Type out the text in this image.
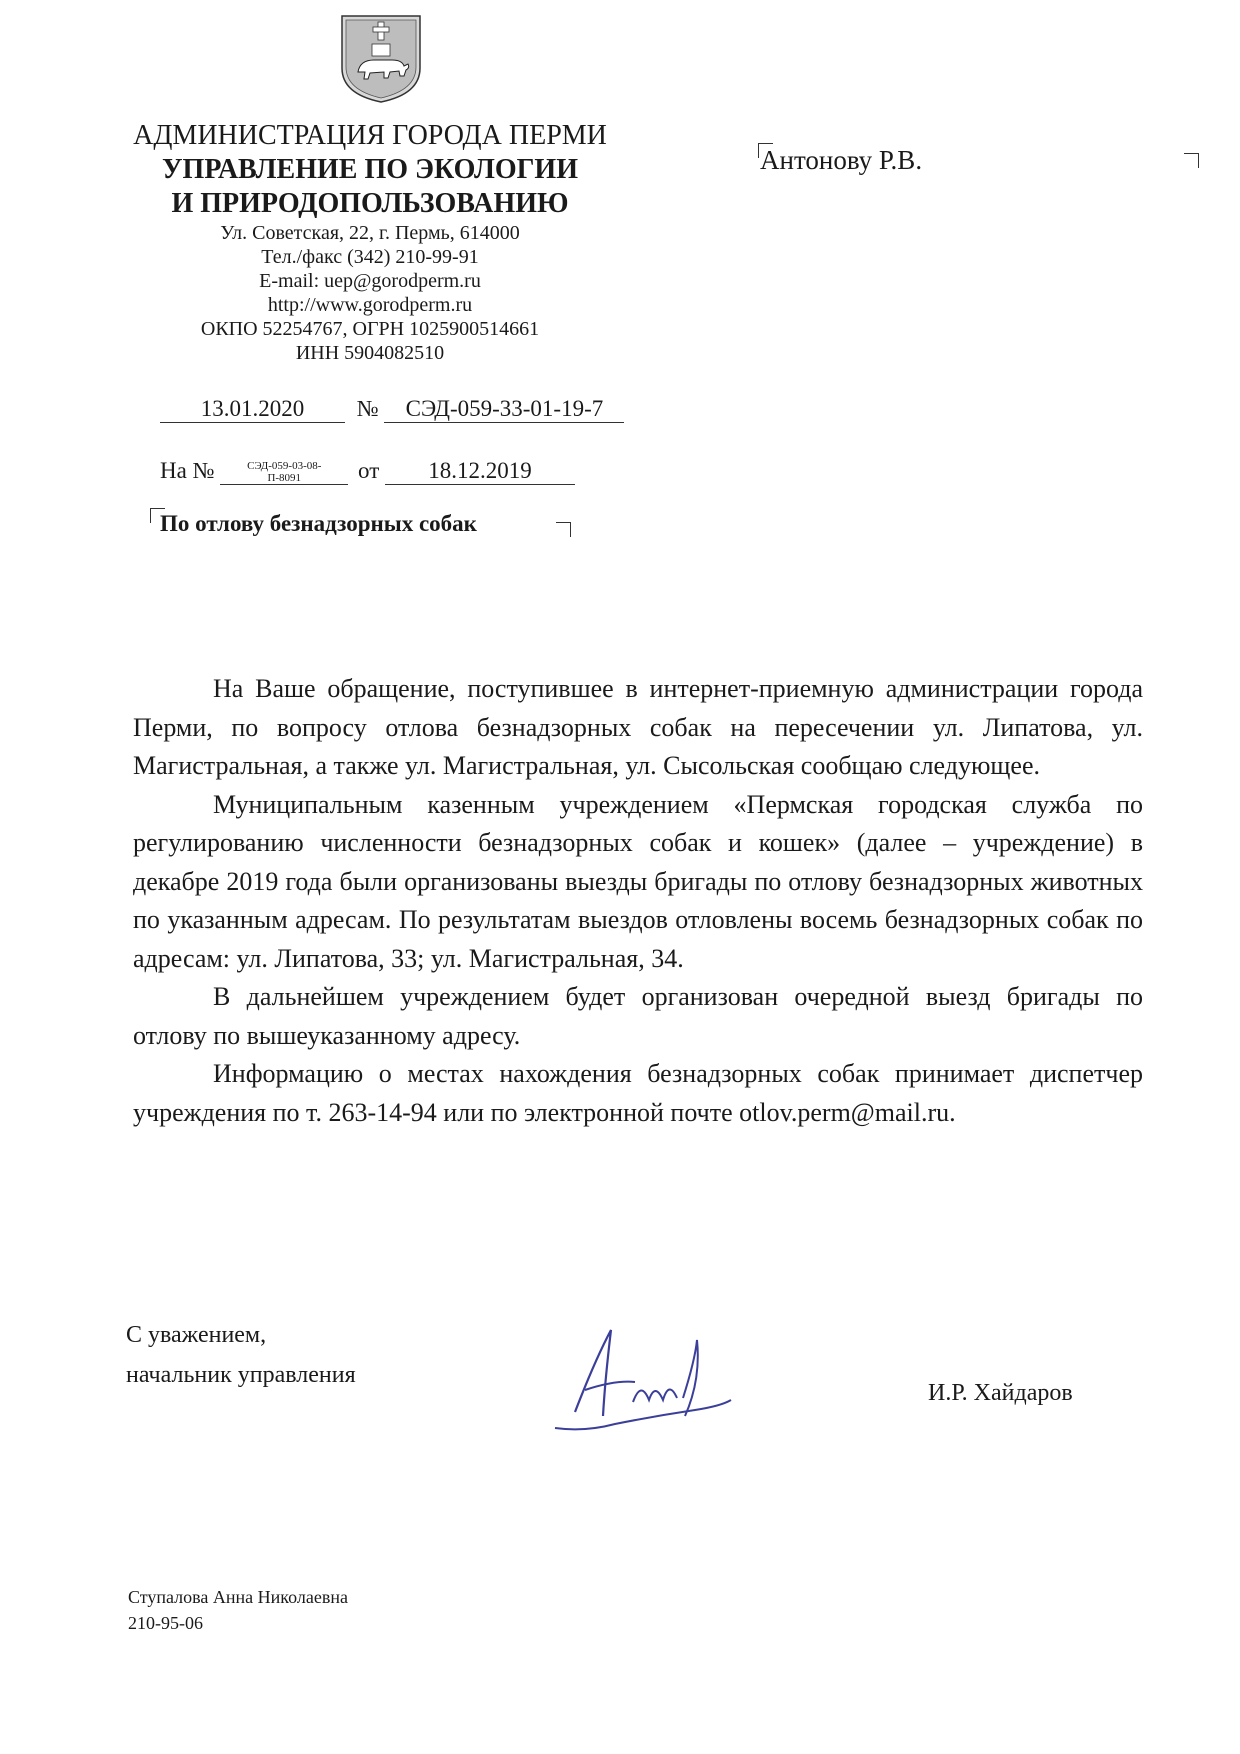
АДМИНИСТРАЦИЯ ГОРОДА ПЕРМИ
УПРАВЛЕНИЕ ПО ЭКОЛОГИИ
И ПРИРОДОПОЛЬЗОВАНИЮ
Ул. Советская, 22, г. Пермь, 614000
Тел./факс (342) 210-99-91
E-mail: uep@gorodperm.ru
http://www.gorodperm.ru
ОКПО 52254767, ОГРН 1025900514661
ИНН 5904082510
Антонову Р.В.
13.01.2020 № СЭД-059-33-01-19-7
На №	СЭД-059-03-08-
П-8091	от 18.12.2019
По отлову безнадзорных собак

На Ваше обращение, поступившее в интернет-приемную администрации города Перми, по вопросу отлова безнадзорных собак на пересечении ул. Липатова, ул. Магистральная, а также ул. Магистральная, ул. Сысольская сообщаю следующее.

Муниципальным казенным учреждением «Пермская городская служба по регулированию численности безнадзорных собак и кошек» (далее – учреждение) в декабре 2019 года были организованы выезды бригады по отлову безнадзорных животных по указанным адресам. По результатам выездов отловлены восемь безнадзорных собак по адресам: ул. Липатова, 33; ул. Магистральная, 34.

В дальнейшем учреждением будет организован очередной выезд бригады по отлову по вышеуказанному адресу.

Информацию о местах нахождения безнадзорных собак принимает диспетчер учреждения по т. 263-14-94 или по электронной почте otlov.perm@mail.ru.

С уважением,
начальник управления
И.Р. Хайдаров
Ступалова Анна Николаевна
210-95-06
